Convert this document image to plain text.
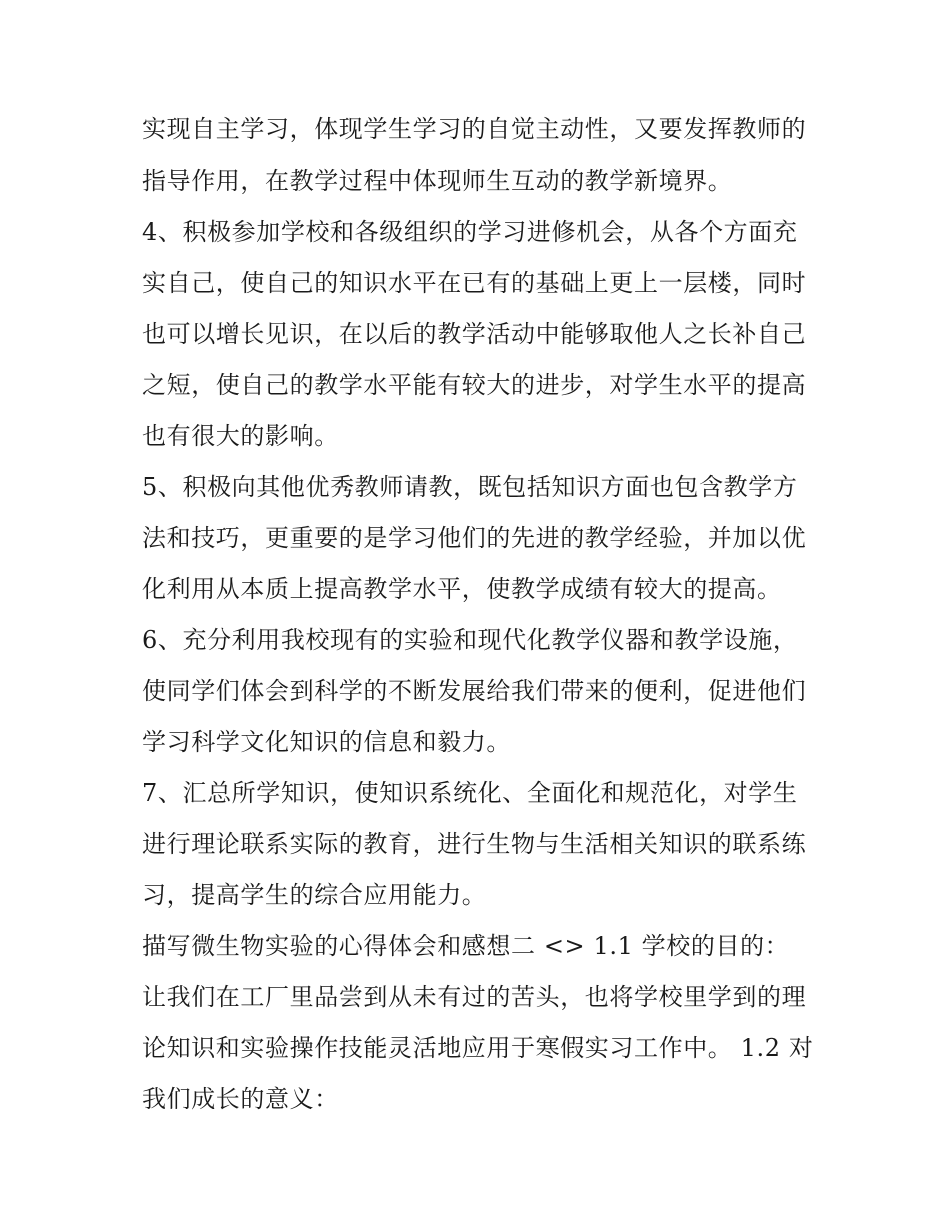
实现自主学习，体现学生学习的自觉主动性，又要发挥教师的
指导作用，在教学过程中体现师生互动的教学新境界。
4、积极参加学校和各级组织的学习进修机会，从各个方面充
实自己，使自己的知识水平在已有的基础上更上一层楼，同时
也可以增长见识，在以后的教学活动中能够取他人之长补自己
之短，使自己的教学水平能有较大的进步，对学生水平的提高
也有很大的影响。
5、积极向其他优秀教师请教，既包括知识方面也包含教学方
法和技巧，更重要的是学习他们的先进的教学经验，并加以优
化利用从本质上提高教学水平，使教学成绩有较大的提高。
6、充分利用我校现有的实验和现代化教学仪器和教学设施，
使同学们体会到科学的不断发展给我们带来的便利，促进他们
学习科学文化知识的信息和毅力。
7、汇总所学知识，使知识系统化、全面化和规范化，对学生
进行理论联系实际的教育，进行生物与生活相关知识的联系练
习，提高学生的综合应用能力。
描写微生物实验的心得体会和感想二 <> 1.1 学校的目的：
让我们在工厂里品尝到从未有过的苦头，也将学校里学到的理
论知识和实验操作技能灵活地应用于寒假实习工作中。 1.2 对
我们成长的意义：
